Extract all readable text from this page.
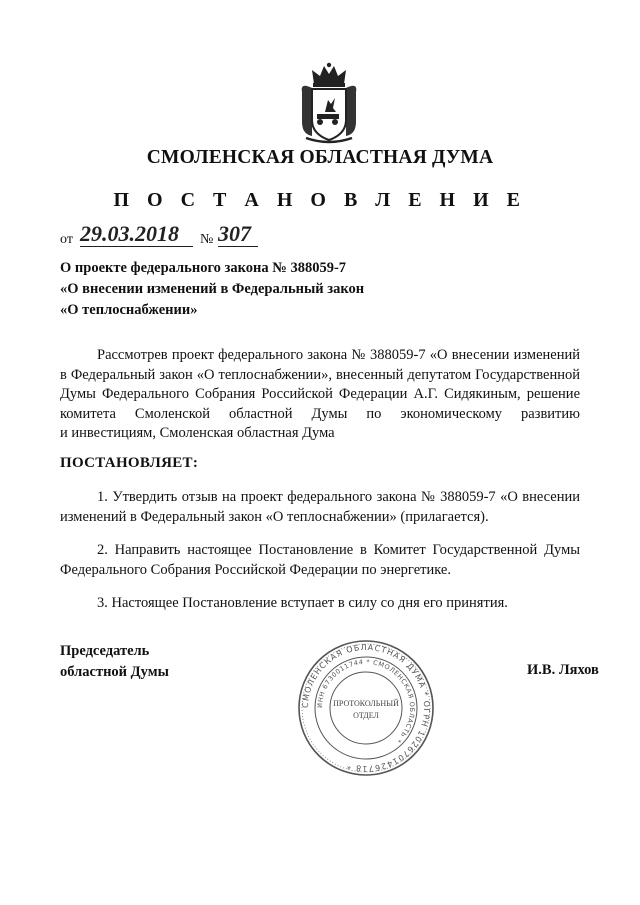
СМОЛЕНСКАЯ ОБЛАСТНАЯ ДУМА
П О С Т А Н О В Л Е Н И Е
от 29.03.2018	№ 307
О проекте федерального закона № 388059-7
«О внесении изменений в Федеральный закон
«О теплоснабжении»
Рассмотрев проект федерального закона № 388059-7 «О внесении изменений
в Федеральный закон «О теплоснабжении», внесенный депутатом Государственной
Думы Федерального Собрания Российской Федерации А.Г. Сидякиным, решение
комитета Смоленской областной Думы по экономическому развитию
и инвестициям, Смоленская областная Дума
ПОСТАНОВЛЯЕТ:
1. Утвердить отзыв на проект федерального закона № 388059-7 «О внесении
изменений в Федеральный закон «О теплоснабжении» (прилагается).
2. Направить настоящее Постановление в Комитет Государственной Думы
Федерального Собрания Российской Федерации по энергетике.
3. Настоящее Постановление вступает в силу со дня его принятия.
Председатель
областной Думы
СМОЛЕНСКАЯ ОБЛАСТНАЯ ДУМА * ОГРН 1026701426718 *
ИНН 6730011744 * СМОЛЕНСКАЯ ОБЛАСТЬ *
ПРОТОКОЛЬНЫЙ
ОТДЕЛ
И.В. Ляхов
